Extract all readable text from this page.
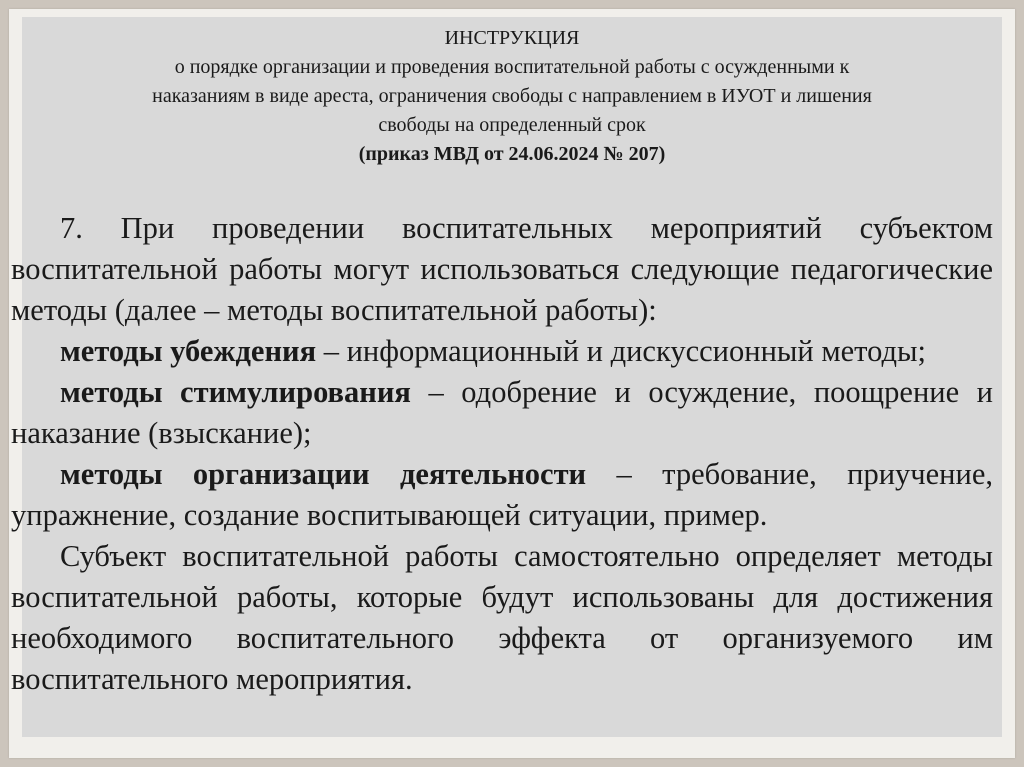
ИНСТРУКЦИЯ
о порядке организации и проведения воспитательной работы с осужденными к
наказаниям в виде ареста, ограничения свободы с направлением в ИУОТ и лишения
свободы на определенный срок
(приказ МВД от 24.06.2024 № 207)

7. При проведении воспитательных мероприятий субъектом воспитательной работы могут использоваться следующие педагогические методы (далее – методы воспитательной работы):

методы убеждения – информационный и дискуссионный методы;

методы стимулирования – одобрение и осуждение, поощрение и наказание (взыскание);

методы организации деятельности – требование, приучение, упражнение, создание воспитывающей ситуации, пример.

Субъект воспитательной работы самостоятельно определяет методы воспитательной работы, которые будут использованы для достижения необходимого воспитательного эффекта от организуемого им воспитательного мероприятия.
